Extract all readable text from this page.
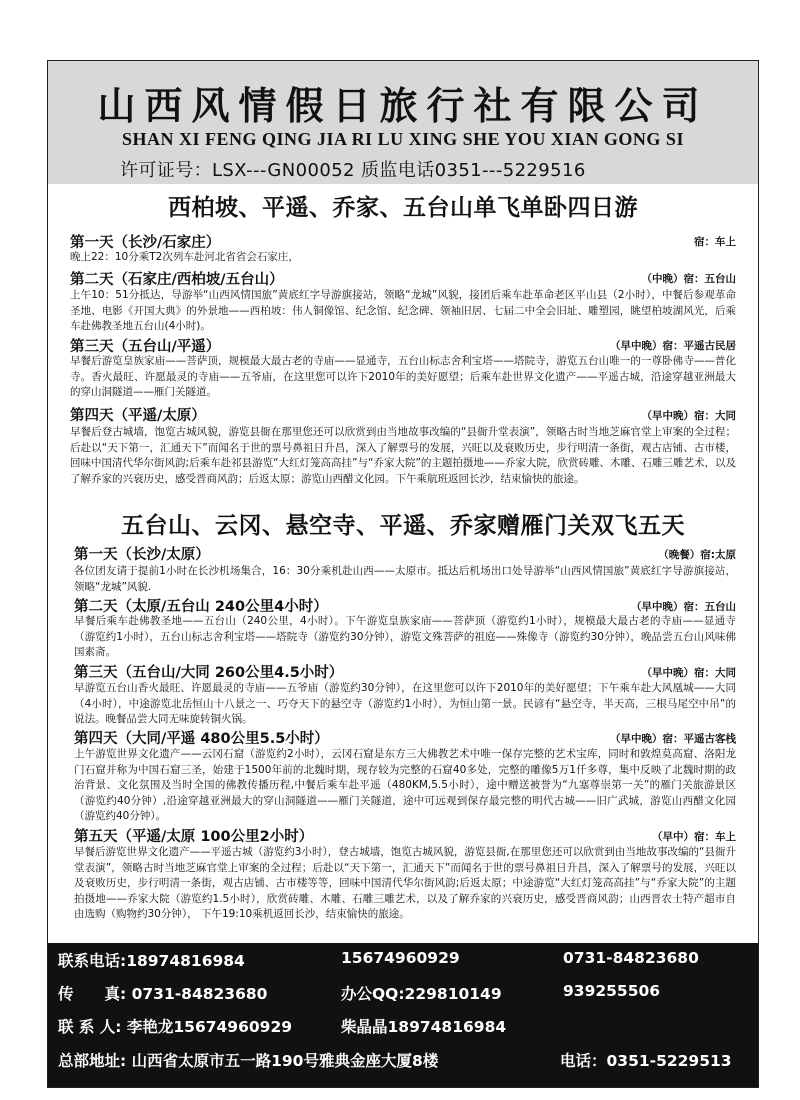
山西风情假日旅行社有限公司
SHAN XI FENG QING JIA RI LU XING SHE YOU XIAN GONG SI
许可证号：LSX---GN00052 质监电话0351---5229516
西柏坡、平遥、乔家、五台山单飞单卧四日游
第一天（长沙/石家庄）	宿：车上
晚上22：10分乘T2次列车赴河北省省会石家庄，
第二天（石家庄/西柏坡/五台山）	（中晚）宿：五台山
上午10：51分抵达，导游举“山西风情国旅”黄底红字导游旗接站，领略“龙城”风貌，接团后乘车赴革命老区平山县（2小时），中餐后参观革命圣地、电影《开国大典》的外景地——西柏坡：伟人铜像馆、纪念馆、纪念碑、领袖旧居、七届二中全会旧址、雕塑园，眺望柏坡湖风光，后乘车赴佛教圣地五台山(4小时)。
第三天（五台山/平遥）	（早中晚）宿：平遥古民居
早餐后游览皇族家庙——菩萨顶，规模最大最古老的寺庙——显通寺，五台山标志舍利宝塔——塔院寺，游览五台山唯一的一尊卧佛寺——普化寺。香火最旺、许愿最灵的寺庙——五爷庙，在这里您可以许下2010年的美好愿望；后乘车赴世界文化遗产——平遥古城，沿途穿越亚洲最大的穿山洞隧道——雁门关隧道。
第四天（平遥/太原）	（早中晚）宿：大同
早餐后登古城墙，饱览古城风貌，游览县衙在那里您还可以欣赏到由当地故事改编的“县衙升堂表演”，领略古时当地芝麻官堂上审案的全过程；后赴以“天下第一，汇通天下”而闻名于世的票号鼻祖日升昌，深入了解票号的发展，兴旺以及衰败历史，步行明清一条街，观古店铺、古市楼，回味中国清代华尔街风韵;后乘车赴祁县游览“大红灯笼高高挂”与“乔家大院”的主题拍摄地——乔家大院，欣赏砖雕、木雕、石雕三雕艺术，以及了解乔家的兴衰历史，感受晋商风韵；后返太原；游览山西醋文化园。下午乘航班返回长沙，结束愉快的旅途。
五台山、云冈、悬空寺、平遥、乔家赠雁门关双飞五天
第一天（长沙/太原）	（晚餐）宿:太原
各位团友请于提前1小时在长沙机场集合，16：30分乘机赴山西——太原市。抵达后机场出口处导游举“山西风情国旅”黄底红字导游旗接站，领略“龙城”风貌.
第二天（太原/五台山 240公里4小时）	（早中晚）宿：五台山
早餐后乘车赴佛教圣地——五台山（240公里，4小时）。下午游览皇族家庙——菩萨顶（游览约1小时），规模最大最古老的寺庙——显通寺（游览约1小时），五台山标志舍利宝塔——塔院寺（游览约30分钟），游览文殊菩萨的祖庭——殊像寺（游览约30分钟），晚品尝五台山风味佛国素斋。
第三天（五台山/大同 260公里4.5小时）	（早中晚）宿：大同
早游览五台山香火最旺、许愿最灵的寺庙——五爷庙（游览约30分钟），在这里您可以许下2010年的美好愿望；下午乘车赴大风凰城——大同（4小时），中途游览北岳恒山十八景之一、巧夺天下的悬空寺（游览约1小时），为恒山第一景。民谚有“悬空寺，半天高，三根马尾空中吊”的说法。晚餐品尝大同无味旋转铜火锅。
第四天（大同/平遥 480公里5.5小时）	（早中晚）宿：平遥古客栈
上午游览世界文化遗产——云冈石窟（游览约2小时），云冈石窟是东方三大佛教艺术中唯一保存完整的艺术宝库，同时和敦煌莫高窟、洛阳龙门石窟并称为中国石窟三圣，始建于1500年前的北魏时期，现存较为完整的石窟40多处，完整的雕像5万1仟多尊，集中反映了北魏时期的政治背景、文化氛围及当时全国的佛教传播历程,中餐后乘车赴平遥（480KM,5.5小时），途中赠送被誉为“九塞尊崇第一关”的雁门关旅游景区（游览约40分钟）,沿途穿越亚洲最大的穿山洞隧道——雁门关隧道，途中可远观到保存最完整的明代古城——旧广武城，游览山西醋文化园（游览约40分钟）。
第五天（平遥/太原 100公里2小时）	（早中）宿：车上
早餐后游览世界文化遗产——平遥古城（游览约3小时），登古城墙，饱览古城风貌，游览县衙,在那里您还可以欣赏到由当地故事改编的“县衙升堂表演”，领略古时当地芝麻官堂上审案的全过程；后赴以“天下第一，汇通天下”而闻名于世的票号鼻祖日升昌，深入了解票号的发展，兴旺以及衰败历史，步行明清一条街，观古店铺、古市楼等等，回味中国清代华尔街风韵;后返太原；中途游览“大红灯笼高高挂”与“乔家大院”的主题拍摄地——乔家大院（游览约1.5小时），欣赏砖雕、木雕、石雕三雕艺术，以及了解乔家的兴衰历史，感受晋商风韵；山西晋农士特产超市自由选购（购物约30分钟）， 下午19:10乘机返回长沙，结束愉快的旅途。
联系电话:18974816984	15674960929	0731-84823680
传　　真: 0731-84823680	办公QQ:229810149	939255506
联 系 人: 李艳龙15674960929	柴晶晶18974816984
总部地址: 山西省太原市五一路190号雅典金座大厦8楼	电话：0351-5229513
